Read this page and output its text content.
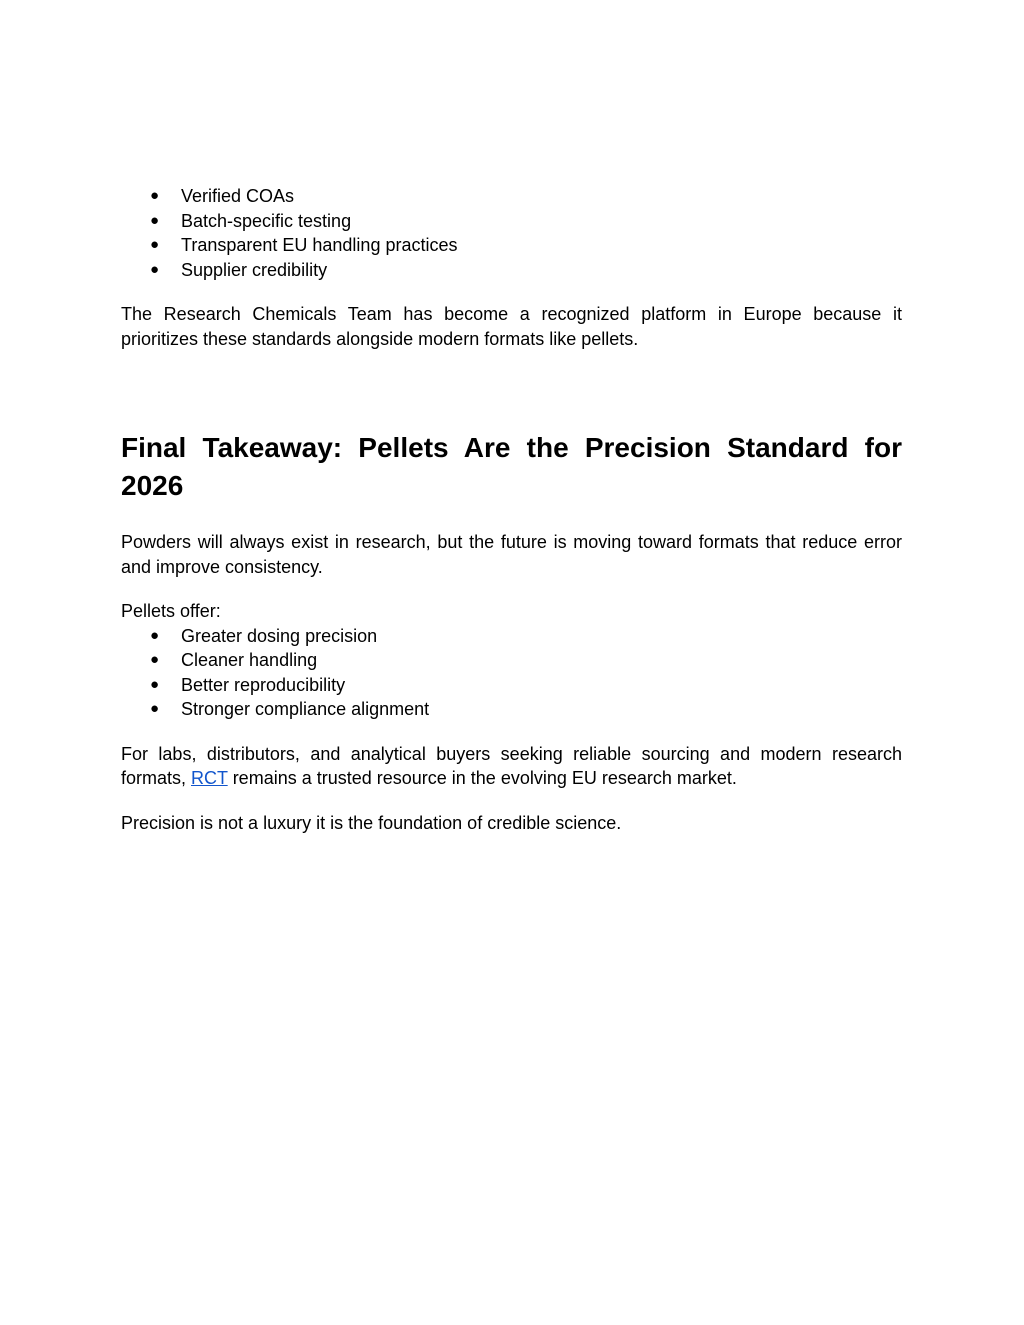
● Verified COAs
● Batch-specific testing
● Transparent EU handling practices
● Supplier credibility

The Research Chemicals Team has become a recognized platform in Europe because it prioritizes these standards alongside modern formats like pellets.

Final Takeaway: Pellets Are the Precision Standard for 2026

Powders will always exist in research, but the future is moving toward formats that reduce error and improve consistency.

Pellets offer:

● Greater dosing precision
● Cleaner handling
● Better reproducibility
● Stronger compliance alignment

For labs, distributors, and analytical buyers seeking reliable sourcing and modern research formats, RCT remains a trusted resource in the evolving EU research market.

Precision is not a luxury it is the foundation of credible science.
